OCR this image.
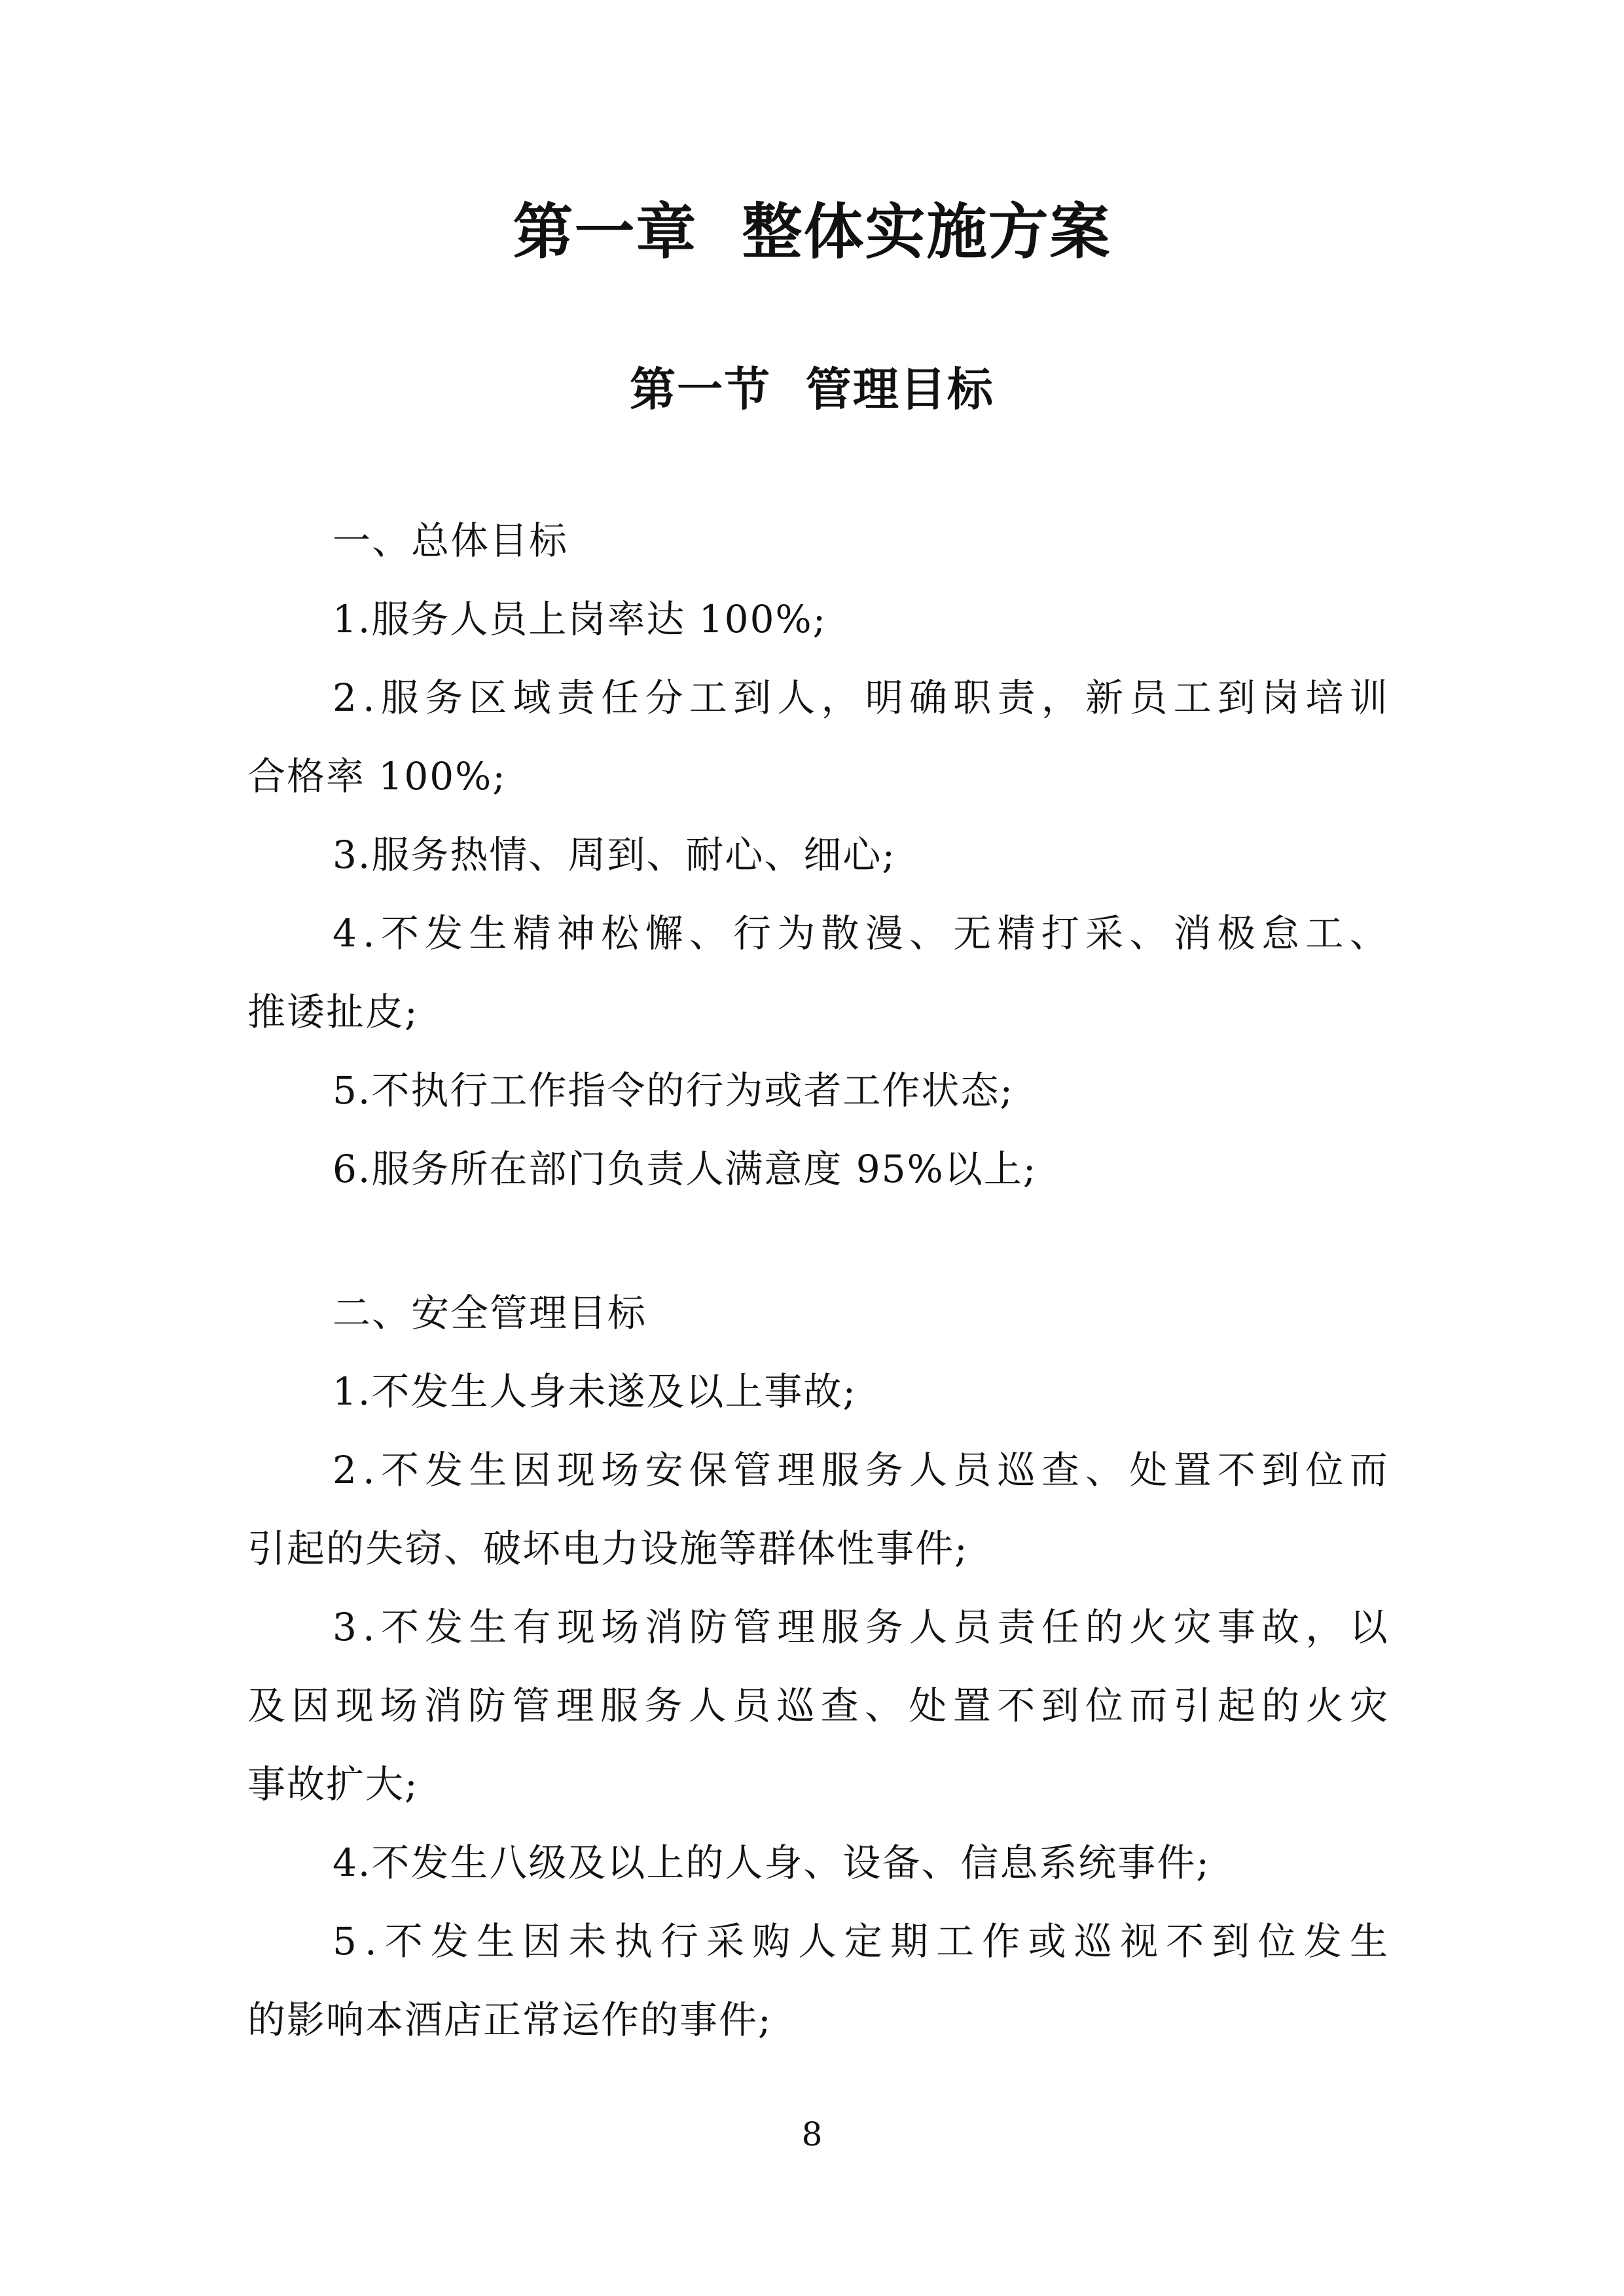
第一章  整体实施方案
第一节  管理目标
一、总体目标
1.服务人员上岗率达 100%;
2 . 服 务 区 域 责 任 分 工 到 人 ， 明 确 职 责 ， 新 员 工 到 岗 培 训
合格率 100%;
3.服务热情、周到、耐心、细心;
4 . 不 发 生 精 神 松 懈 、 行 为 散 漫 、 无 精 打 采 、 消 极 怠 工 、
推诿扯皮;
5.不执行工作指令的行为或者工作状态;
6.服务所在部门负责人满意度 95%以上;
二、安全管理目标
1.不发生人身未遂及以上事故;
2 . 不 发 生 因 现 场 安 保 管 理 服 务 人 员 巡 查 、 处 置 不 到 位 而
引起的失窃、破坏电力设施等群体性事件;
3 . 不 发 生 有 现 场 消 防 管 理 服 务 人 员 责 任 的 火 灾 事 故 ， 以
及 因 现 场 消 防 管 理 服 务 人 员 巡 查 、 处 置 不 到 位 而 引 起 的 火 灾
事故扩大;
4.不发生八级及以上的人身、设备、信息系统事件;
5 . 不 发 生 因 未 执 行 采 购 人 定 期 工 作 或 巡 视 不 到 位 发 生
的影响本酒店正常运作的事件;
8
